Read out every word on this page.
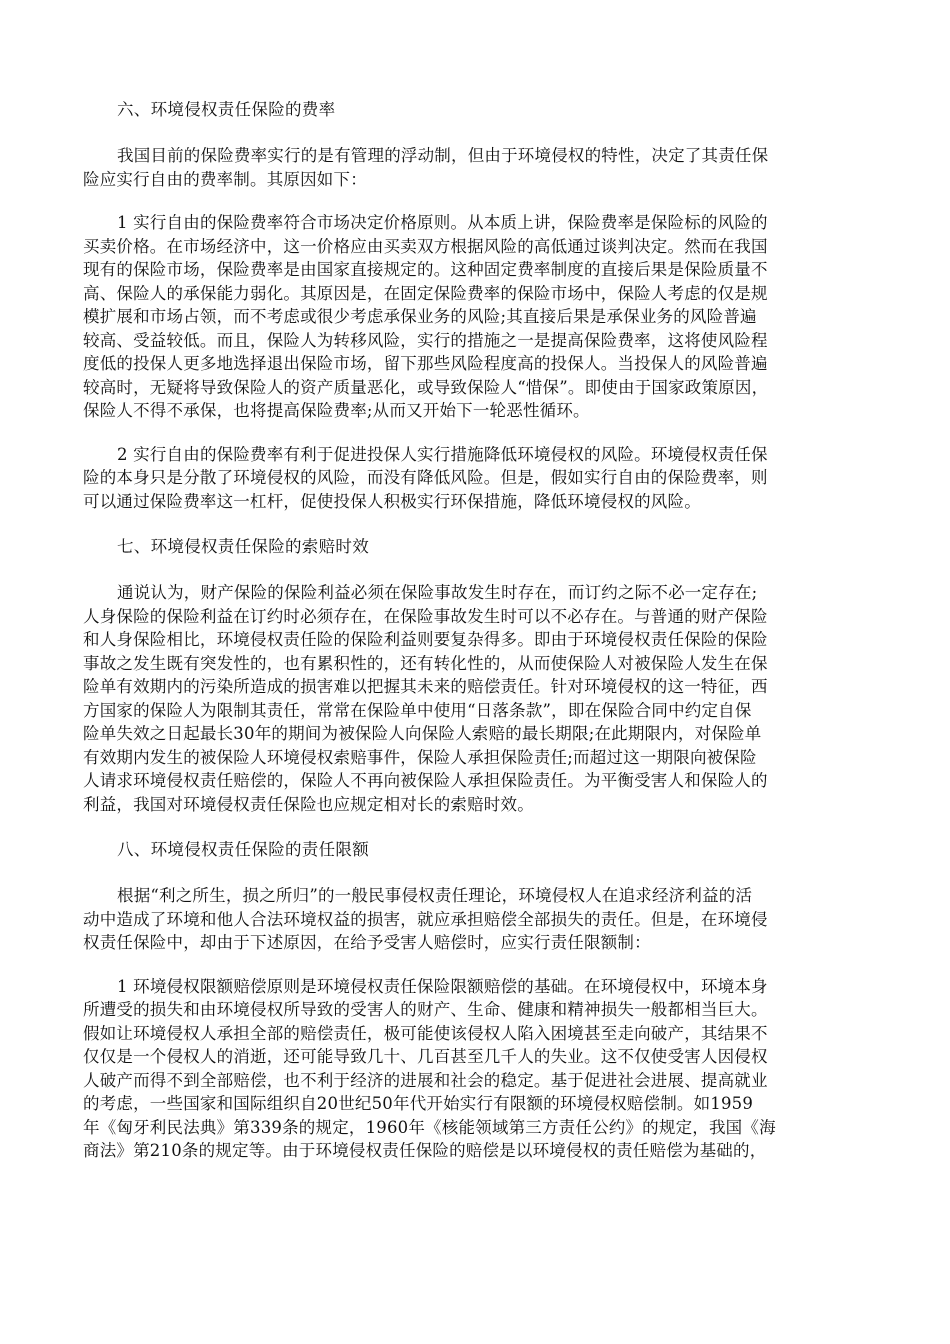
六、环境侵权责任保险的费率
我国目前的保险费率实行的是有管理的浮动制，但由于环境侵权的特性，决定了其责任保
险应实行自由的费率制。其原因如下：
1 实行自由的保险费率符合市场决定价格原则。从本质上讲，保险费率是保险标的风险的
买卖价格。在市场经济中，这一价格应由买卖双方根据风险的高低通过谈判决定。然而在我国
现有的保险市场，保险费率是由国家直接规定的。这种固定费率制度的直接后果是保险质量不
高、保险人的承保能力弱化。其原因是，在固定保险费率的保险市场中，保险人考虑的仅是规
模扩展和市场占领，而不考虑或很少考虑承保业务的风险;其直接后果是承保业务的风险普遍
较高、受益较低。而且，保险人为转移风险，实行的措施之一是提高保险费率，这将使风险程
度低的投保人更多地选择退出保险市场，留下那些风险程度高的投保人。当投保人的风险普遍
较高时，无疑将导致保险人的资产质量恶化，或导致保险人“惜保”。即使由于国家政策原因，
保险人不得不承保，也将提高保险费率;从而又开始下一轮恶性循环。
2 实行自由的保险费率有利于促进投保人实行措施降低环境侵权的风险。环境侵权责任保
险的本身只是分散了环境侵权的风险，而没有降低风险。但是，假如实行自由的保险费率，则
可以通过保险费率这一杠杆，促使投保人积极实行环保措施，降低环境侵权的风险。
七、环境侵权责任保险的索赔时效
通说认为，财产保险的保险利益必须在保险事故发生时存在，而订约之际不必一定存在;
人身保险的保险利益在订约时必须存在，在保险事故发生时可以不必存在。与普通的财产保险
和人身保险相比，环境侵权责任险的保险利益则要复杂得多。即由于环境侵权责任保险的保险
事故之发生既有突发性的，也有累积性的，还有转化性的，从而使保险人对被保险人发生在保
险单有效期内的污染所造成的损害难以把握其未来的赔偿责任。针对环境侵权的这一特征，西
方国家的保险人为限制其责任，常常在保险单中使用“日落条款”，即在保险合同中约定自保
险单失效之日起最长30年的期间为被保险人向保险人索赔的最长期限;在此期限内，对保险单
有效期内发生的被保险人环境侵权索赔事件，保险人承担保险责任;而超过这一期限向被保险
人请求环境侵权责任赔偿的，保险人不再向被保险人承担保险责任。为平衡受害人和保险人的
利益，我国对环境侵权责任保险也应规定相对长的索赔时效。
八、环境侵权责任保险的责任限额
根据“利之所生，损之所归”的一般民事侵权责任理论，环境侵权人在追求经济利益的活
动中造成了环境和他人合法环境权益的损害，就应承担赔偿全部损失的责任。但是，在环境侵
权责任保险中，却由于下述原因，在给予受害人赔偿时，应实行责任限额制：
1 环境侵权限额赔偿原则是环境侵权责任保险限额赔偿的基础。在环境侵权中，环境本身
所遭受的损失和由环境侵权所导致的受害人的财产、生命、健康和精神损失一般都相当巨大。
假如让环境侵权人承担全部的赔偿责任，极可能使该侵权人陷入困境甚至走向破产，其结果不
仅仅是一个侵权人的消逝，还可能导致几十、几百甚至几千人的失业。这不仅使受害人因侵权
人破产而得不到全部赔偿，也不利于经济的进展和社会的稳定。基于促进社会进展、提高就业
的考虑，一些国家和国际组织自20世纪50年代开始实行有限额的环境侵权赔偿制。如1959
年《匈牙利民法典》第339条的规定，1960年《核能领域第三方责任公约》的规定，我国《海
商法》第210条的规定等。由于环境侵权责任保险的赔偿是以环境侵权的责任赔偿为基础的，
